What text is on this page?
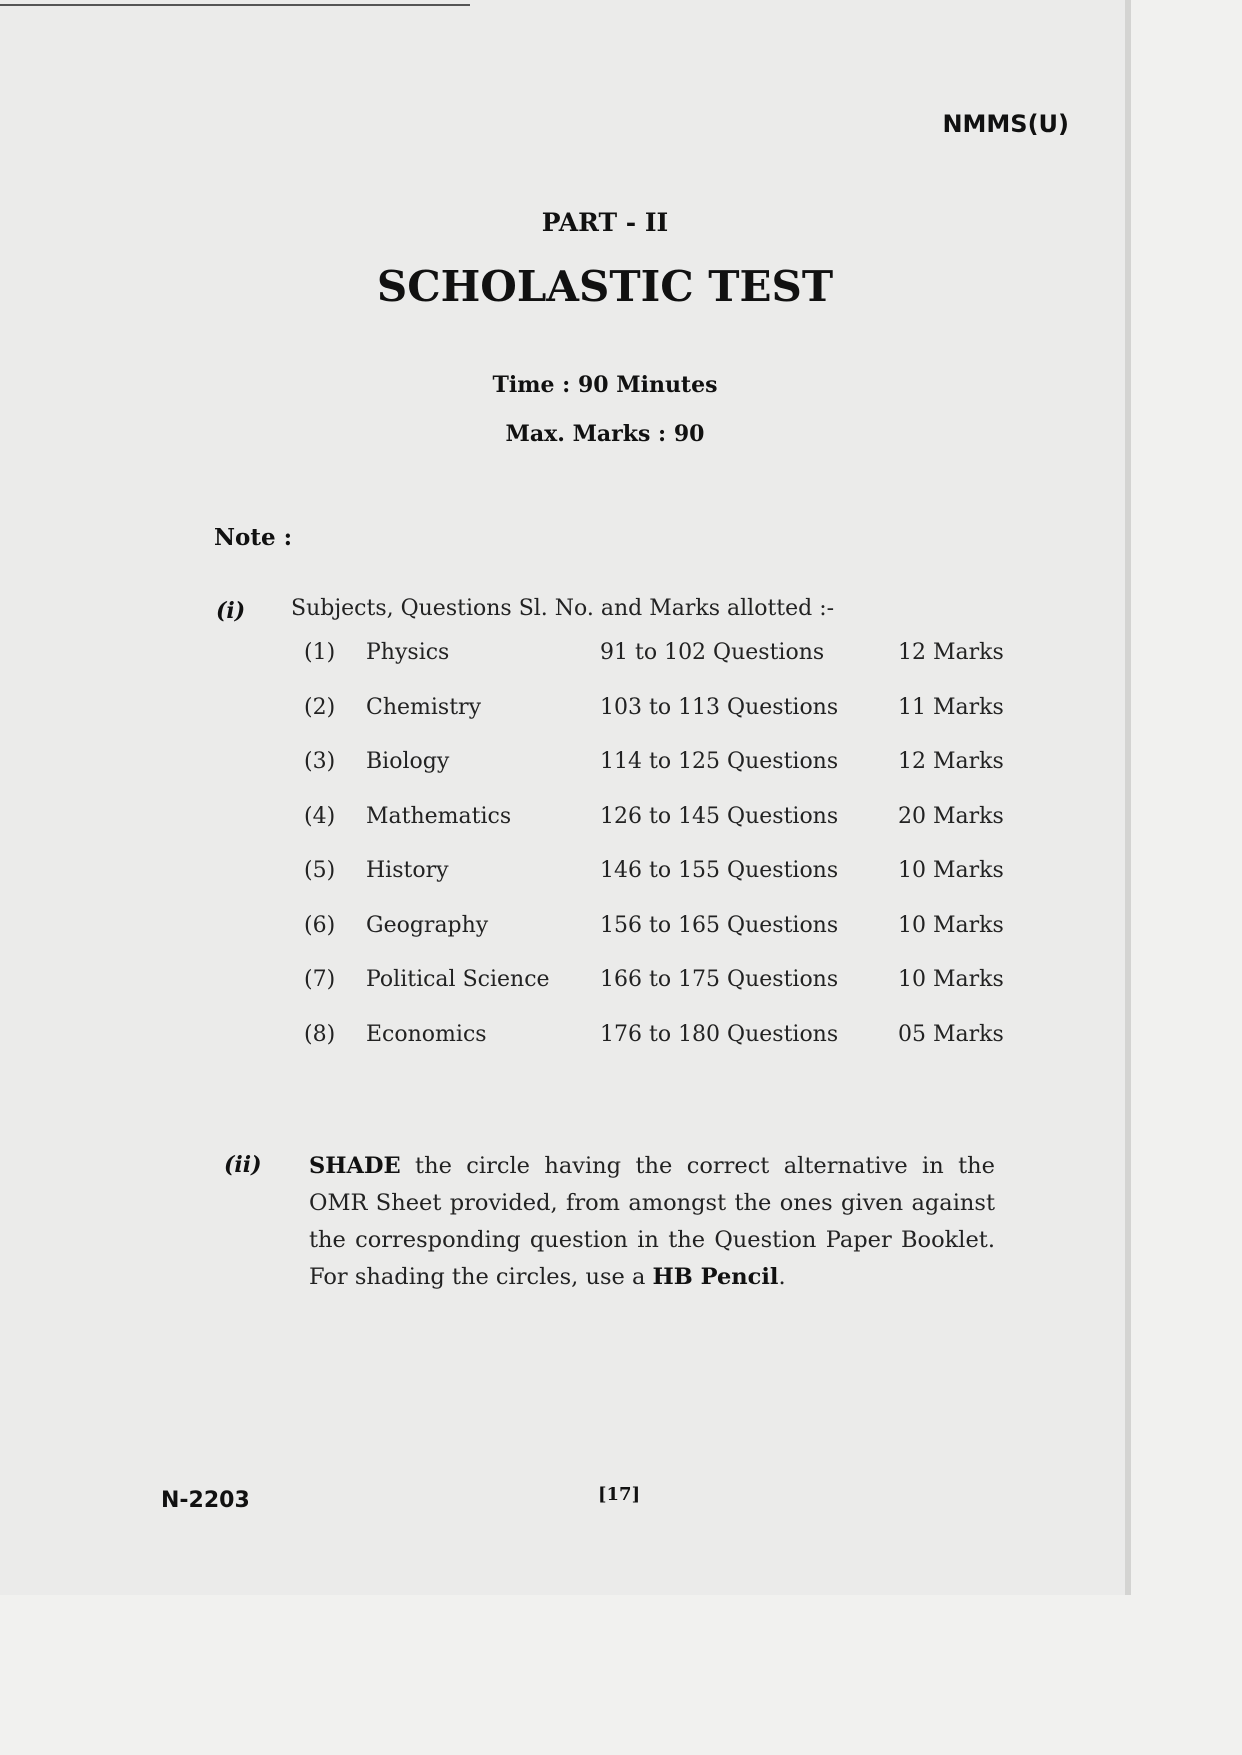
NMMS(U)
PART - II
SCHOLASTIC TEST
Time : 90 Minutes
Max. Marks : 90
Note :
(i) Subjects, Questions Sl. No. and Marks allotted :-
(1) Physics	91 to 102 Questions	12 Marks
(2) Chemistry	103 to 113 Questions	11 Marks
(3) Biology	114 to 125 Questions	12 Marks
(4) Mathematics	126 to 145 Questions	20 Marks
(5) History	146 to 155 Questions	10 Marks
(6) Geography	156 to 165 Questions	10 Marks
(7) Political Science 166 to 175 Questions	10 Marks
(8) Economics	176 to 180 Questions	05 Marks
(ii) SHADE the circle having the correct alternative in the OMR Sheet provided, from amongst the ones given against the corresponding question in the Question Paper Booklet. For shading the circles, use a HB Pencil.
N-2203	[17]
